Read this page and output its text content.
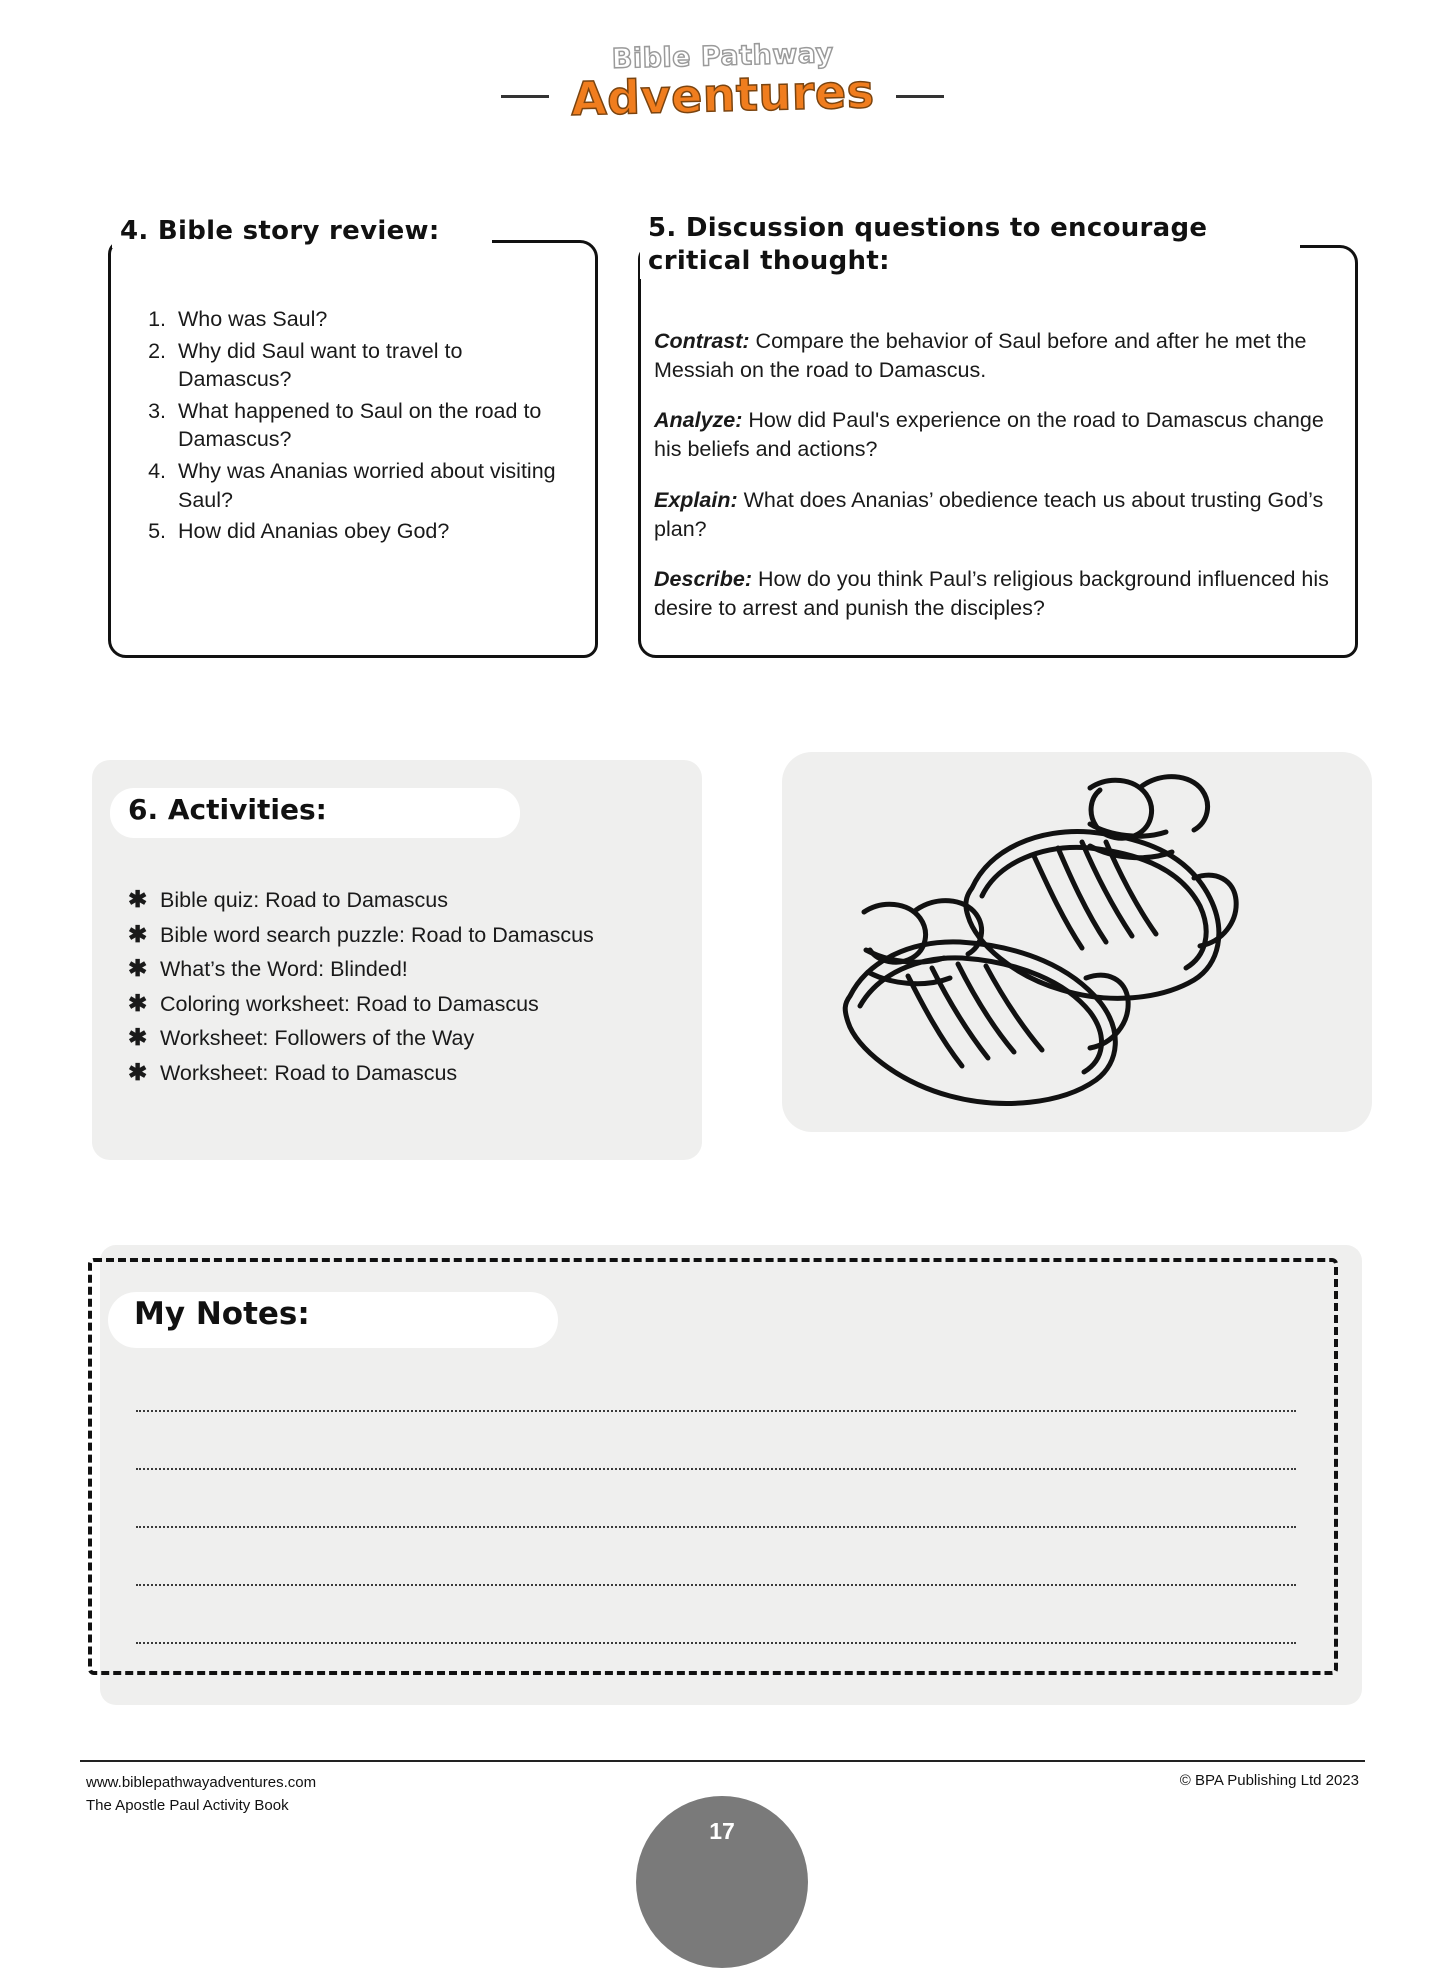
Bible Pathway
Adventures
4. Bible story review:
1. Who was Saul?
2. Why did Saul want to travel to Damascus?
3. What happened to Saul on the road to Damascus?
4. Why was Ananias worried about visiting Saul?
5. How did Ananias obey God?
5. Discussion questions to encourage critical thought:

Contrast: Compare the behavior of Saul before and after he met the Messiah on the road to Damascus.

Analyze: How did Paul's experience on the road to Damascus change his beliefs and actions?

Explain: What does Ananias’ obedience teach us about trusting God’s plan?

Describe: How do you think Paul’s religious background influenced his desire to arrest and punish the disciples?

6. Activities:
✱ Bible quiz: Road to Damascus
✱ Bible word search puzzle: Road to Damascus
✱ What’s the Word: Blinded!
✱ Coloring worksheet: Road to Damascus
✱ Worksheet: Followers of the Way
✱ Worksheet: Road to Damascus
My Notes:
www.biblepathwayadventures.com
The Apostle Paul Activity Book
© BPA Publishing Ltd 2023
17
